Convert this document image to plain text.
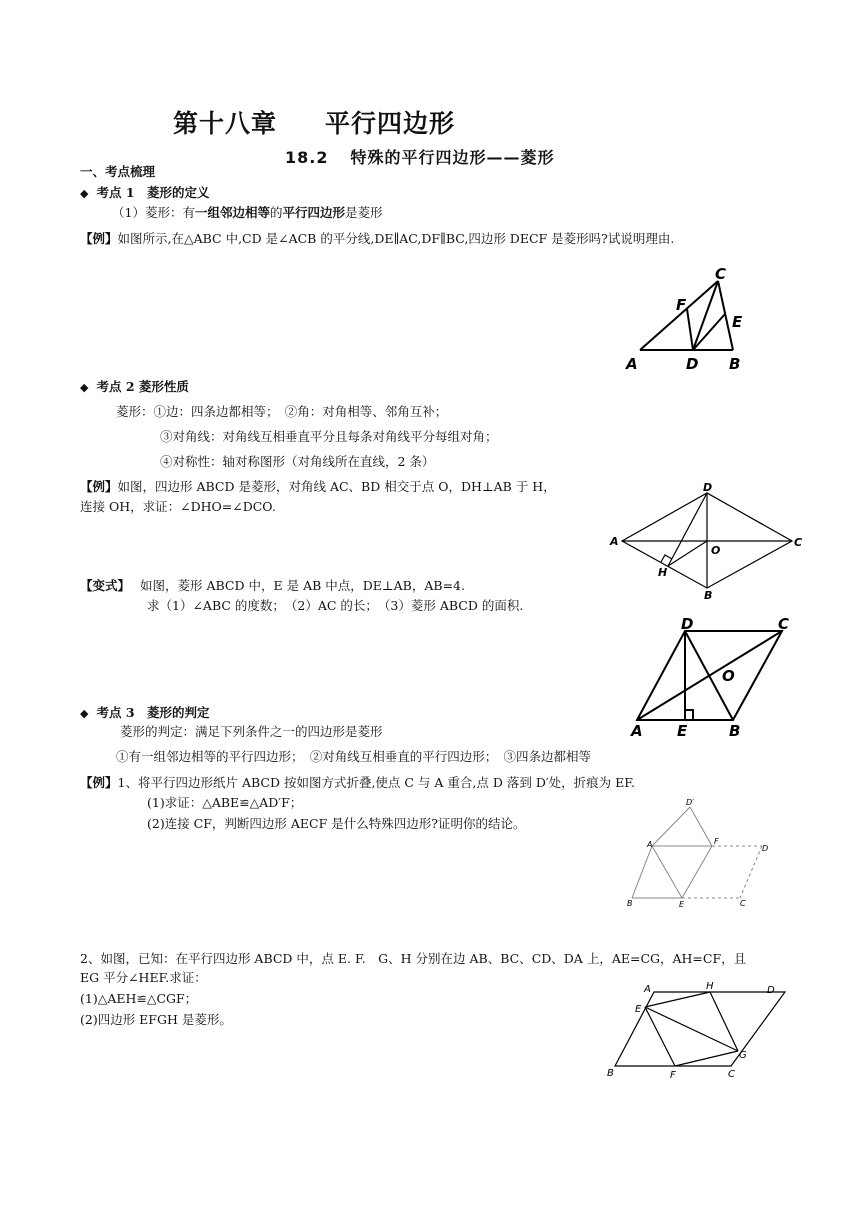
第十八章 平行四边形
18.2 特殊的平行四边形——菱形
一、考点梳理
◆ 考点 1　菱形的定义
（1）菱形：有一组邻边相等的平行四边形是菱形
【例】如图所示,在△ABC 中,CD 是∠ACB 的平分线,DE∥AC,DF∥BC,四边形 DECF 是菱形吗?试说明理由.
A	B
C
D
E
F
◆ 考点 2 菱形性质
菱形：①边：四条边都相等；　②角：对角相等、邻角互补；
③对角线：对角线互相垂直平分且每条对角线平分每组对角；
④对称性：轴对称图形（对角线所在直线，2 条）
【例】如图，四边形 ABCD 是菱形，对角线 AC、BD 相交于点 O，DH⊥AB 于 H，
连接 OH，求证：∠DHO=∠DCO.
A
B
C
D
H
O
【变式】 如图，菱形 ABCD 中，E 是 AB 中点，DE⊥AB，AB=4.
求（1）∠ABC 的度数；　（2）AC 的长；　（3）菱形 ABCD 的面积.
A	B
C
D
E
O
◆ 考点 3　菱形的判定
菱形的判定：满足下列条件之一的四边形是菱形
①有一组邻边相等的平行四边形；　②对角线互相垂直的平行四边形；　③四条边都相等
【例】1、将平行四边形纸片 ABCD 按如图方式折叠,使点 C 与 A 重合,点 D 落到 D′处，折痕为 EF.
(1)求证：△ABE≌△AD′F；
(2)连接 CF，判断四边形 AECF 是什么特殊四边形?证明你的结论。
A
B	C
D
D′
E
F
2、如图，已知：在平行四边形 ABCD 中，点 E. F.　G、H 分别在边 AB、BC、CD、DA 上，AE=CG，AH=CF，且
EG 平分∠HEF.求证：
(1)△AEH≌△CGF；
(2)四边形 EFGH 是菱形。
A
B	C
D
E
F
G
H
